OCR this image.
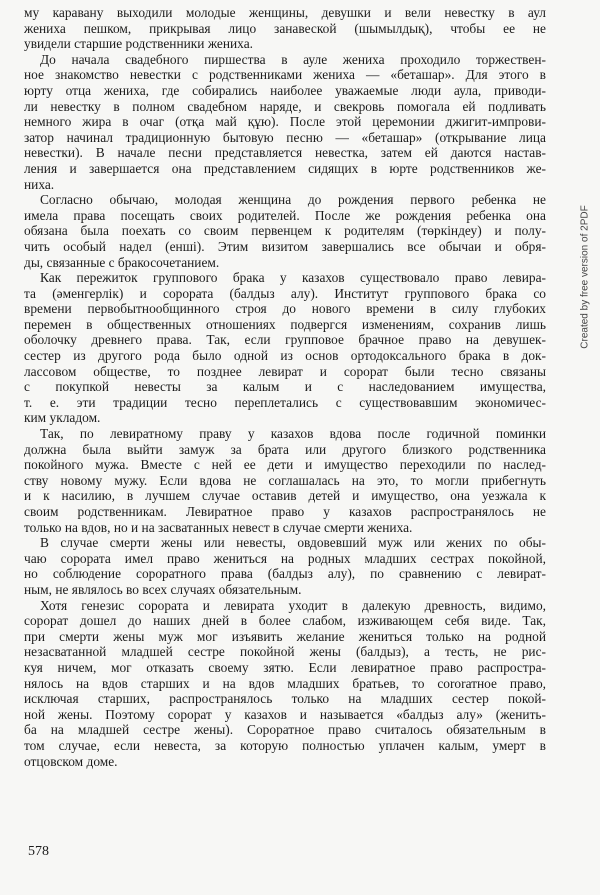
му каравану выходили молодые женщины, девушки и вели невестку в аул
жениха пешком, прикрывая лицо занавеской (шымылдық), чтобы ее не
увидели старшие родственники жениха.
До начала свадебного пиршества в ауле жениха проходило торжествен-
ное знакомство невестки с родственниками жениха — «беташар». Для этого в
юрту отца жениха, где собирались наиболее уважаемые люди аула, приводи-
ли невестку в полном свадебном наряде, и свекровь помогала ей подливать
немного жира в очаг (отқа май құю). После этой церемонии джигит-импрови-
затор начинал традиционную бытовую песню — «беташар» (открывание лица
невестки). В начале песни представляется невестка, затем ей даются настав-
ления и завершается она представлением сидящих в юрте родственников же-
ниха.
Согласно обычаю, молодая женщина до рождения первого ребенка не
имела права посещать своих родителей. После же рождения ребенка она
обязана была поехать со своим первенцем к родителям (төркіндеу) и полу-
чить особый надел (еншi). Этим визитом завершались все обычаи и обря-
ды, связанные с бракосочетанием.
Как пережиток группового брака у казахов существовало право левира-
та (әменгерлік) и сорората (балдыз алу). Институт группового брака со
времени первобытнообщинного строя до нового времени в силу глубоких
перемен в общественных отношениях подвергся изменениям, сохранив лишь
оболочку древнего права. Так, если групповое брачное право на девушек-
сестер из другого рода было одной из основ ортодоксального брака в док-
лассовом обществе, то позднее левират и сорорат были тесно связаны
с покупкой невесты за калым и с наследованием имущества,
т. е. эти традиции тесно переплетались с существовавшим экономичес-
ким укладом.
Так, по левиратному праву у казахов вдова после годичной поминки
должна была выйти замуж за брата или другого близкого родственника
покойного мужа. Вместе с ней ее дети и имущество переходили по наслед-
ству новому мужу. Если вдова не соглашалась на это, то могли прибегнуть
и к насилию, в лучшем случае оставив детей и имущество, она уезжала к
своим родственникам. Левиратное право у казахов распространялось не
только на вдов, но и на засватанных невест в случае смерти жениха.
В случае смерти жены или невесты, овдовевший муж или жених по обы-
чаю сорората имел право жениться на родных младших сестрах покойной,
но соблюдение сороратного права (балдыз алу), по сравнению с левират-
ным, не являлось во всех случаях обязательным.
Хотя генезис сорората и левирата уходит в далекую древность, видимо,
сорорат дошел до наших дней в более слабом, изживающем себя виде. Так,
при смерти жены муж мог изъявить желание жениться только на родной
незасватанной младшей сестре покойной жены (балдыз), а тесть, не рис-
куя ничем, мог отказать своему зятю. Если левиратное право распростра-
нялось на вдов старших и на вдов младших братьев, то сororатное право,
исключая старших, распространялось только на младших сестер покой-
ной жены. Поэтому сорорат у казахов и называется «балдыз алу» (женить-
ба на младшей сестре жены). Сороратное право считалось обязательным в
том случае, если невеста, за которую полностью уплачен калым, умерт в
отцовском доме.
578
Created by free version of 2PDF
